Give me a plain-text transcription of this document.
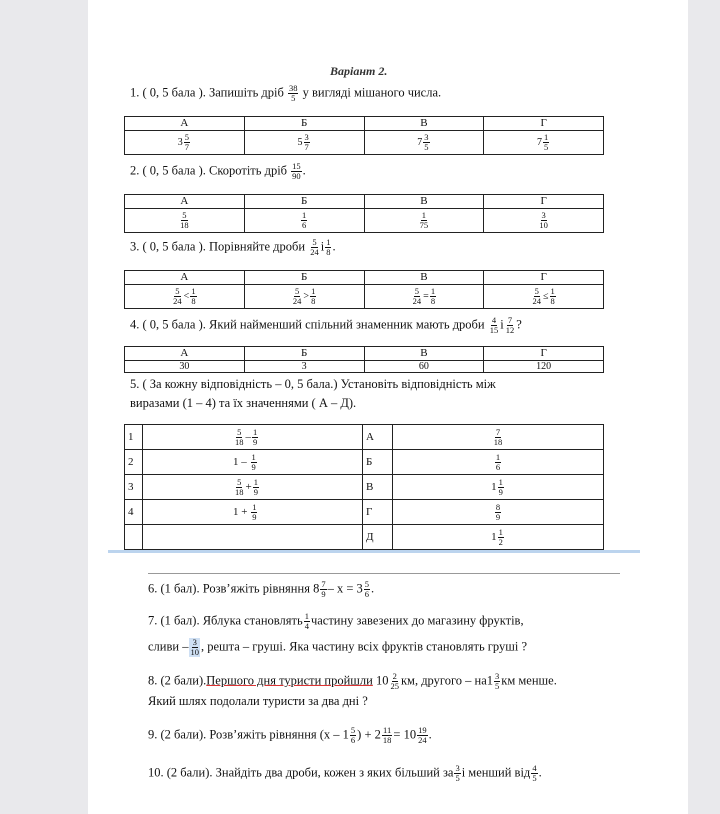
Варіант 2.
1. ( 0, 5 бала ). Запишіть дріб $\frac{38}{5}$ у вигляді мішаного числа.
А	Б	В	Г
$3 \frac{5}{7}$	$5 \frac{3}{7}$	$7 \frac{3}{5}$	$7 \frac{1}{5}$
2. ( 0, 5 бала ). Скоротіть дріб $\frac{15}{90}$ .
А	Б	В	Г

$\frac{5}{18}$	$\frac{1}{6}$	$\frac{1}{75}$	$\frac{3}{10}$
3. ( 0, 5 бала ). Порівняйте дроби $\frac{5}{24}$ і $\frac{1}{8}$ .
А	Б	В	Г

$\frac{5}{24} < \frac{1}{8}$	$\frac{5}{24} > \frac{1}{8}$	$\frac{5}{24} = \frac{1}{8}$	$\frac{5}{24} \le \frac{1}{8}$
4. ( 0, 5 бала ). Який найменший спільний знаменник мають дроби $\frac{4}{15}$ і $\frac{7}{12}$ ?
А	Б	В	Г
30	3	60	120
5. ( За кожну відповідність – 0, 5 бала.) Установіть відповідність між
виразами (1 – 4) та їх значеннями ( А – Д).
1	$\frac{5}{18} - \frac{1}{9}$	А	$\frac{7}{18}$

2	$1 - \frac{1}{9}$	Б	$\frac{1}{6}$

3	$\frac{5}{18} + \frac{1}{9}$	В	$1 \frac{1}{9}$

4	$1 + \frac{1}{9}$	Г	$\frac{8}{9}$

		Д	$1 \frac{1}{2}$
6. (1 бал). Розв’яжіть рівняння $8 \frac{7}{9} - x = 3 \frac{5}{6}$ .
7. (1 бал). Яблука становлять $\frac{1}{4}$ частину завезених до магазину фруктів,
сливи – $\frac{3}{10}$ , решта – груші. Яка частину всіх фруктів становлять груші ?
8. (2 бали).Першого дня туристи пройшли $10 \frac{2}{25}$ км, другого – $на1 \frac{3}{5}$ км менше.
Який шлях подолали туристи за два дні ?
9. (2 бали). Розв’яжіть рівняння ($x - 1 \frac{5}{6}$ ) + $2 \frac{11}{18} = 10 \frac{19}{24}$ .
10. (2 бали). Знайдіть два дроби, кожен з яких більший за $\frac{3}{5}$ і менший від $\frac{4}{5}$ .
